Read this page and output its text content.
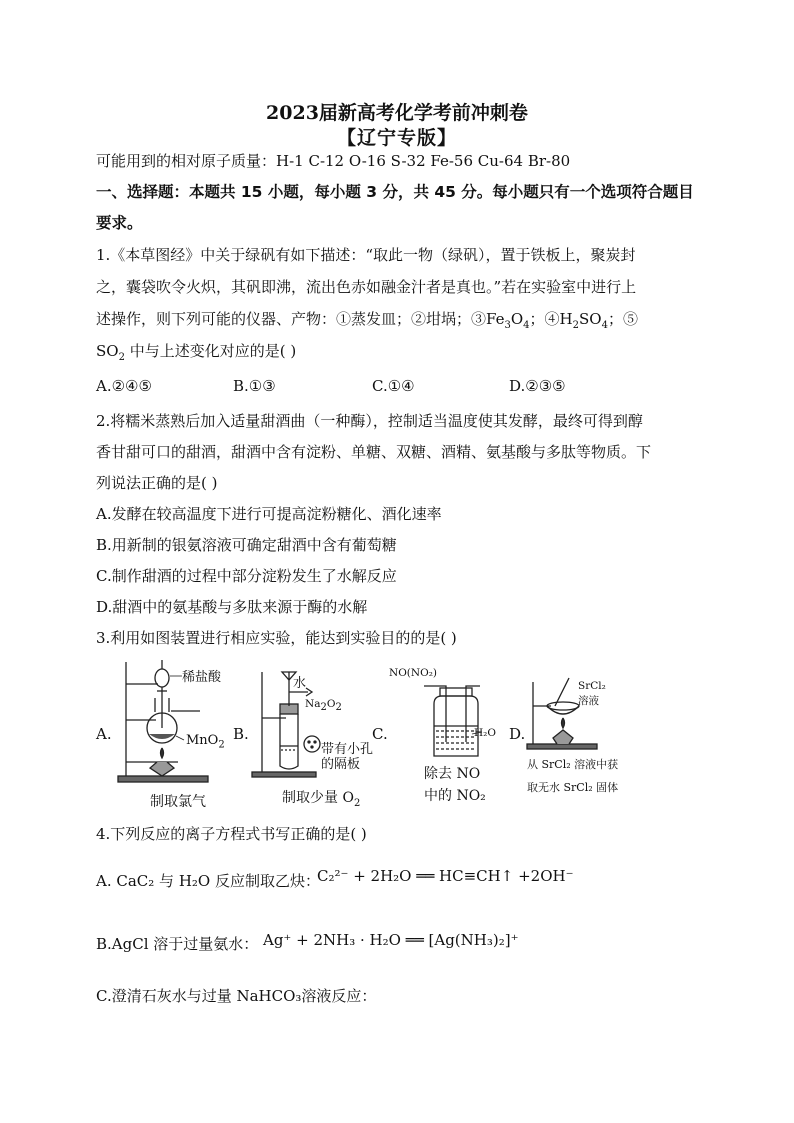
2023届新高考化学考前冲刺卷
【辽宁专版】
可能用到的相对原子质量：H-1 C-12 O-16 S-32 Fe-56 Cu-64 Br-80
一、选择题：本题共 15 小题，每小题 3 分，共 45 分。每小题只有一个选项符合题目
要求。
1.《本草图经》中关于绿矾有如下描述：“取此一物（绿矾），置于铁板上，聚炭封
之，囊袋吹令火炽，其矾即沸，流出色赤如融金汁者是真也。”若在实验室中进行上
述操作，则下列可能的仪器、产物：①蒸发皿；②坩埚；$③Fe_3O_4$；$④H_2SO_4$；⑤
$SO_2$ 中与上述变化对应的是( )
A.②④⑤	B.①③	C.①④	D.②③⑤
2.将糯米蒸熟后加入适量甜酒曲（一种酶），控制适当温度使其发酵，最终可得到醇
香甘甜可口的甜酒，甜酒中含有淀粉、单糖、双糖、酒精、氨基酸与多肽等物质。下
列说法正确的是( )
A.发酵在较高温度下进行可提高淀粉糖化、酒化速率
B.用新制的银氨溶液可确定甜酒中含有葡萄糖
C.制作甜酒的过程中部分淀粉发生了水解反应
D.甜酒中的氨基酸与多肽来源于酶的水解
3.利用如图装置进行相应实验，能达到实验目的的是( )
A.
稀盐酸
MnO$_2$
制取氯气
B.
水
$Na_2O_2$
带有小孔
的隔板
制取少量 $O_2$
C.
NO(NO₂)
H₂O
除去 NO
中的 NO₂
D.
SrCl₂
溶液
从 SrCl₂ 溶液中获
取无水 SrCl₂ 固体
4.下列反应的离子方程式书写正确的是( )
A. CaC₂ 与 H₂O 反应制取乙炔：
C₂²⁻ + 2H₂O ══ HC≡CH↑ +2OH⁻
B.AgCl 溶于过量氨水： Ag⁺ + 2NH₃ · H₂O ══ [Ag(NH₃)₂]⁺
C.澄清石灰水与过量 NaHCO₃溶液反应：
